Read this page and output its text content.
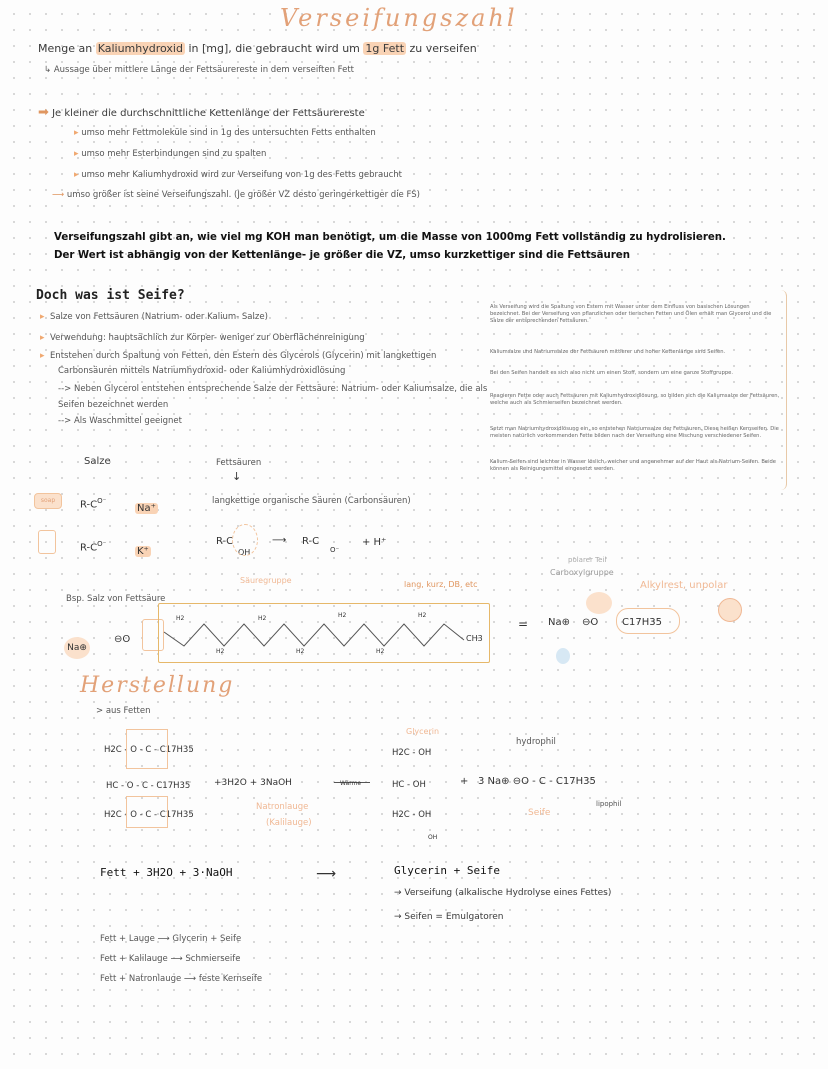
Verseifungszahl
Menge an Kaliumhydroxid in [mg], die gebraucht wird um 1g Fett zu verseifen
↳ Aussage über mittlere Länge der Fettsäurereste in dem verseiften Fett
➡ Je kleiner die durchschnittliche Kettenlänge der Fettsäurereste
▸ umso mehr Fettmoleküle sind in 1g des untersuchten Fetts enthalten
▸ umso mehr Esterbindungen sind zu spalten
▸ umso mehr Kaliumhydroxid wird zur Verseifung von 1g des Fetts gebraucht
⟶ umso größer ist seine Verseifungszahl. (Je größer VZ desto geringerkettiger die FS)
Verseifungszahl gibt an, wie viel mg KOH man benötigt, um die Masse von 1000mg Fett vollständig zu hydrolisieren.
Der Wert ist abhängig von der Kettenlänge- je größer die VZ, umso kurzkettiger sind die Fettsäuren
Doch was ist Seife?
▸ Salze von Fettsäuren (Natrium- oder Kalium- Salze)
▸ Verwendung: hauptsächlich zur Körper- weniger zur Oberflächenreinigung
▸ Entstehen durch Spaltung von Fetten, den Estern des Glycerols (Glycerin) mit langkettigen
Carbonsäuren mittels Natriumhydroxid- oder Kaliumhydroxidlösung
--> Neben Glycerol entstehen entsprechende Salze der Fettsäure: Natrium- oder Kaliumsalze, die als
Seifen bezeichnet werden
--> Als Waschmittel geeignet
Als Verseifung wird die Spaltung von Estern mit Wasser unter dem Einfluss von basischen Lösungen bezeichnet. Bei der Verseifung von pflanzlichen oder tierischen Fetten und Ölen erhält man Glycerol und die Salze der entsprechenden Fettsäuren.
Kaliumsalze und Natriumsalze der Fettsäuren mittlerer und hoher Kettenlänge sind Seifen.
Bei den Seifen handelt es sich also nicht um einen Stoff, sondern um eine ganze Stoffgruppe.
Reagieren Fette oder auch Fettsäuren mit Kaliumhydroxidlösung, so bilden sich die Kaliumsalze der Fettsäuren, welche auch als Schmierseifen bezeichnet werden.
Setzt man Natriumhydroxidlösung ein, so entstehen Natriumsalze der Fettsäuren. Diese heißen Kernseifen. Die meisten natürlich vorkommenden Fette bilden nach der Verseifung eine Mischung verschiedener Seifen.
Kalium-Seifen sind leichter in Wasser löslich, weicher und angenehmer auf der Haut als Natrium-Seifen. Beide können als Reinigungsmittel eingesetzt werden.
Salze	Fettsäuren
↓
langkettige organische Säuren (Carbonsäuren)
soap	$R-C^{O^-}$
Na⁺
$R-C^{O^-}$
K⁺
R-C
OH
⟶ R-C
O⁻
+ H⁺
Säuregruppe	lang, kurz, DB, etc
Bsp. Salz von Fettsäure
Na⊕
⊖O	CH3
H2	H2	H2	H2
H2	H2	H2
=
polarer Teil
Carboxylgruppe
Alkylrest, unpolar
Na⊕ ⊖O C17H35
Herstellung
> aus Fetten
H2C - O - C - C17H35
HC - O - C - C17H35
H2C - O - C - C17H35
+3H2O + 3NaOH
Natronlauge
(Kalilauge)
Wärme
Glycerin
H2C - OH
HC - OH
H2C - OH
OH
+ 3 Na⊕ ⊖O - C - C17H35
hydrophil
lipophil
Seife
Fett + 3H2O + 3·NaOH	⟶	Glycerin + Seife
→ Verseifung (alkalische Hydrolyse eines Fettes)
→ Seifen = Emulgatoren
Fett + Lauge ⟶ Glycerin + Seife
Fett + Kalilauge ⟶ Schmierseife
Fett + Natronlauge ⟶ feste Kernseife
